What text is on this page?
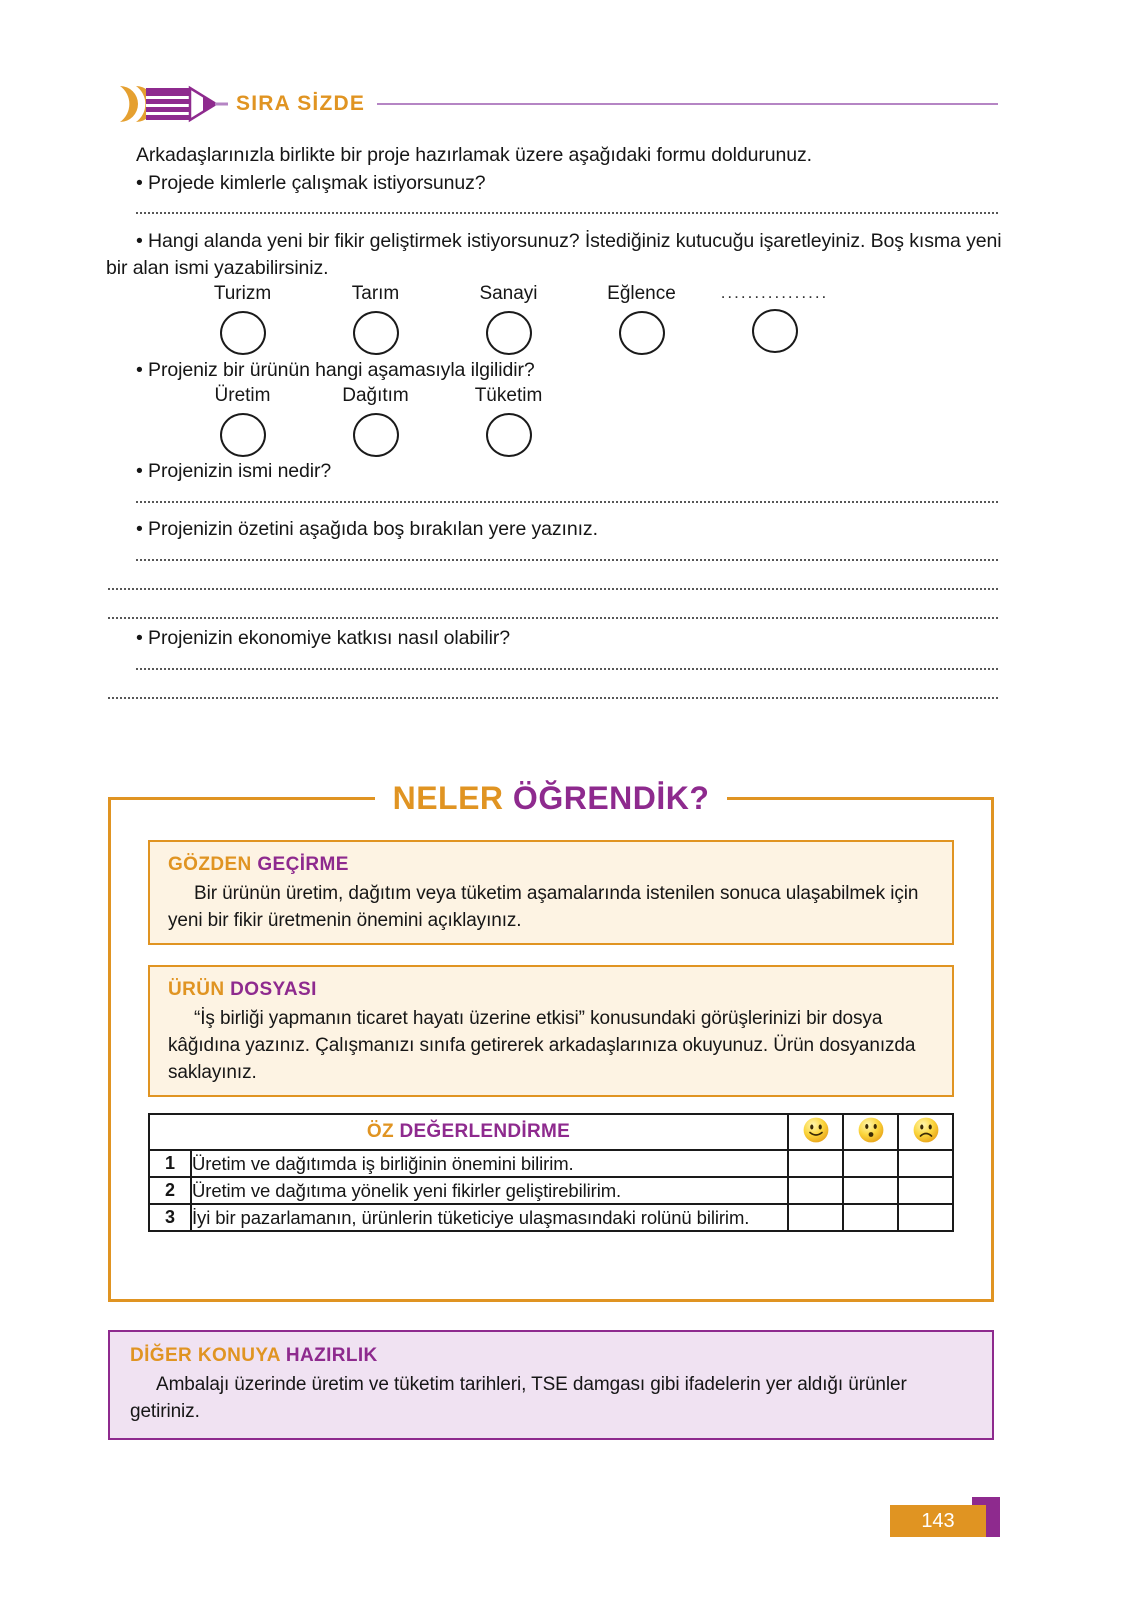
SIRA SİZDE
Arkadaşlarınızla birlikte bir proje hazırlamak üzere aşağıdaki formu doldurunuz.
• Projede kimlerle çalışmak istiyorsunuz?
• Hangi alanda yeni bir fikir geliştirmek istiyorsunuz? İstediğiniz kutucuğu işaretleyiniz. Boş kısma yeni bir alan ismi yazabilirsiniz.
Turizm	Tarım	Sanayi	Eğlence	................
• Projeniz bir ürünün hangi aşamasıyla ilgilidir?
Üretim	Dağıtım	Tüketim
• Projenizin ismi nedir?
• Projenizin özetini aşağıda boş bırakılan yere yazınız.
• Projenizin ekonomiye katkısı nasıl olabilir?
NELER ÖĞRENDİK?
GÖZDEN GEÇİRME
Bir ürünün üretim, dağıtım veya tüketim aşamalarında istenilen sonuca ulaşabilmek için yeni bir fikir üretmenin önemini açıklayınız.
ÜRÜN DOSYASI
“İş birliği yapmanın ticaret hayatı üzerine etkisi” konusundaki görüşlerinizi bir dosya kâğıdına yazınız. Çalışmanızı sınıfa getirerek arkadaşlarınıza okuyunuz. Ürün dosyanızda saklayınız.
ÖZ DEĞERLENDİRME			
1	Üretim ve dağıtımda iş birliğinin önemini bilirim.			
2	Üretim ve dağıtıma yönelik yeni fikirler geliştirebilirim.			
3	İyi bir pazarlamanın, ürünlerin tüketiciye ulaşmasındaki rolünü bilirim.			
DİĞER KONUYA HAZIRLIK
Ambalajı üzerinde üretim ve tüketim tarihleri, TSE damgası gibi ifadelerin yer aldığı ürünler getiriniz.
143
